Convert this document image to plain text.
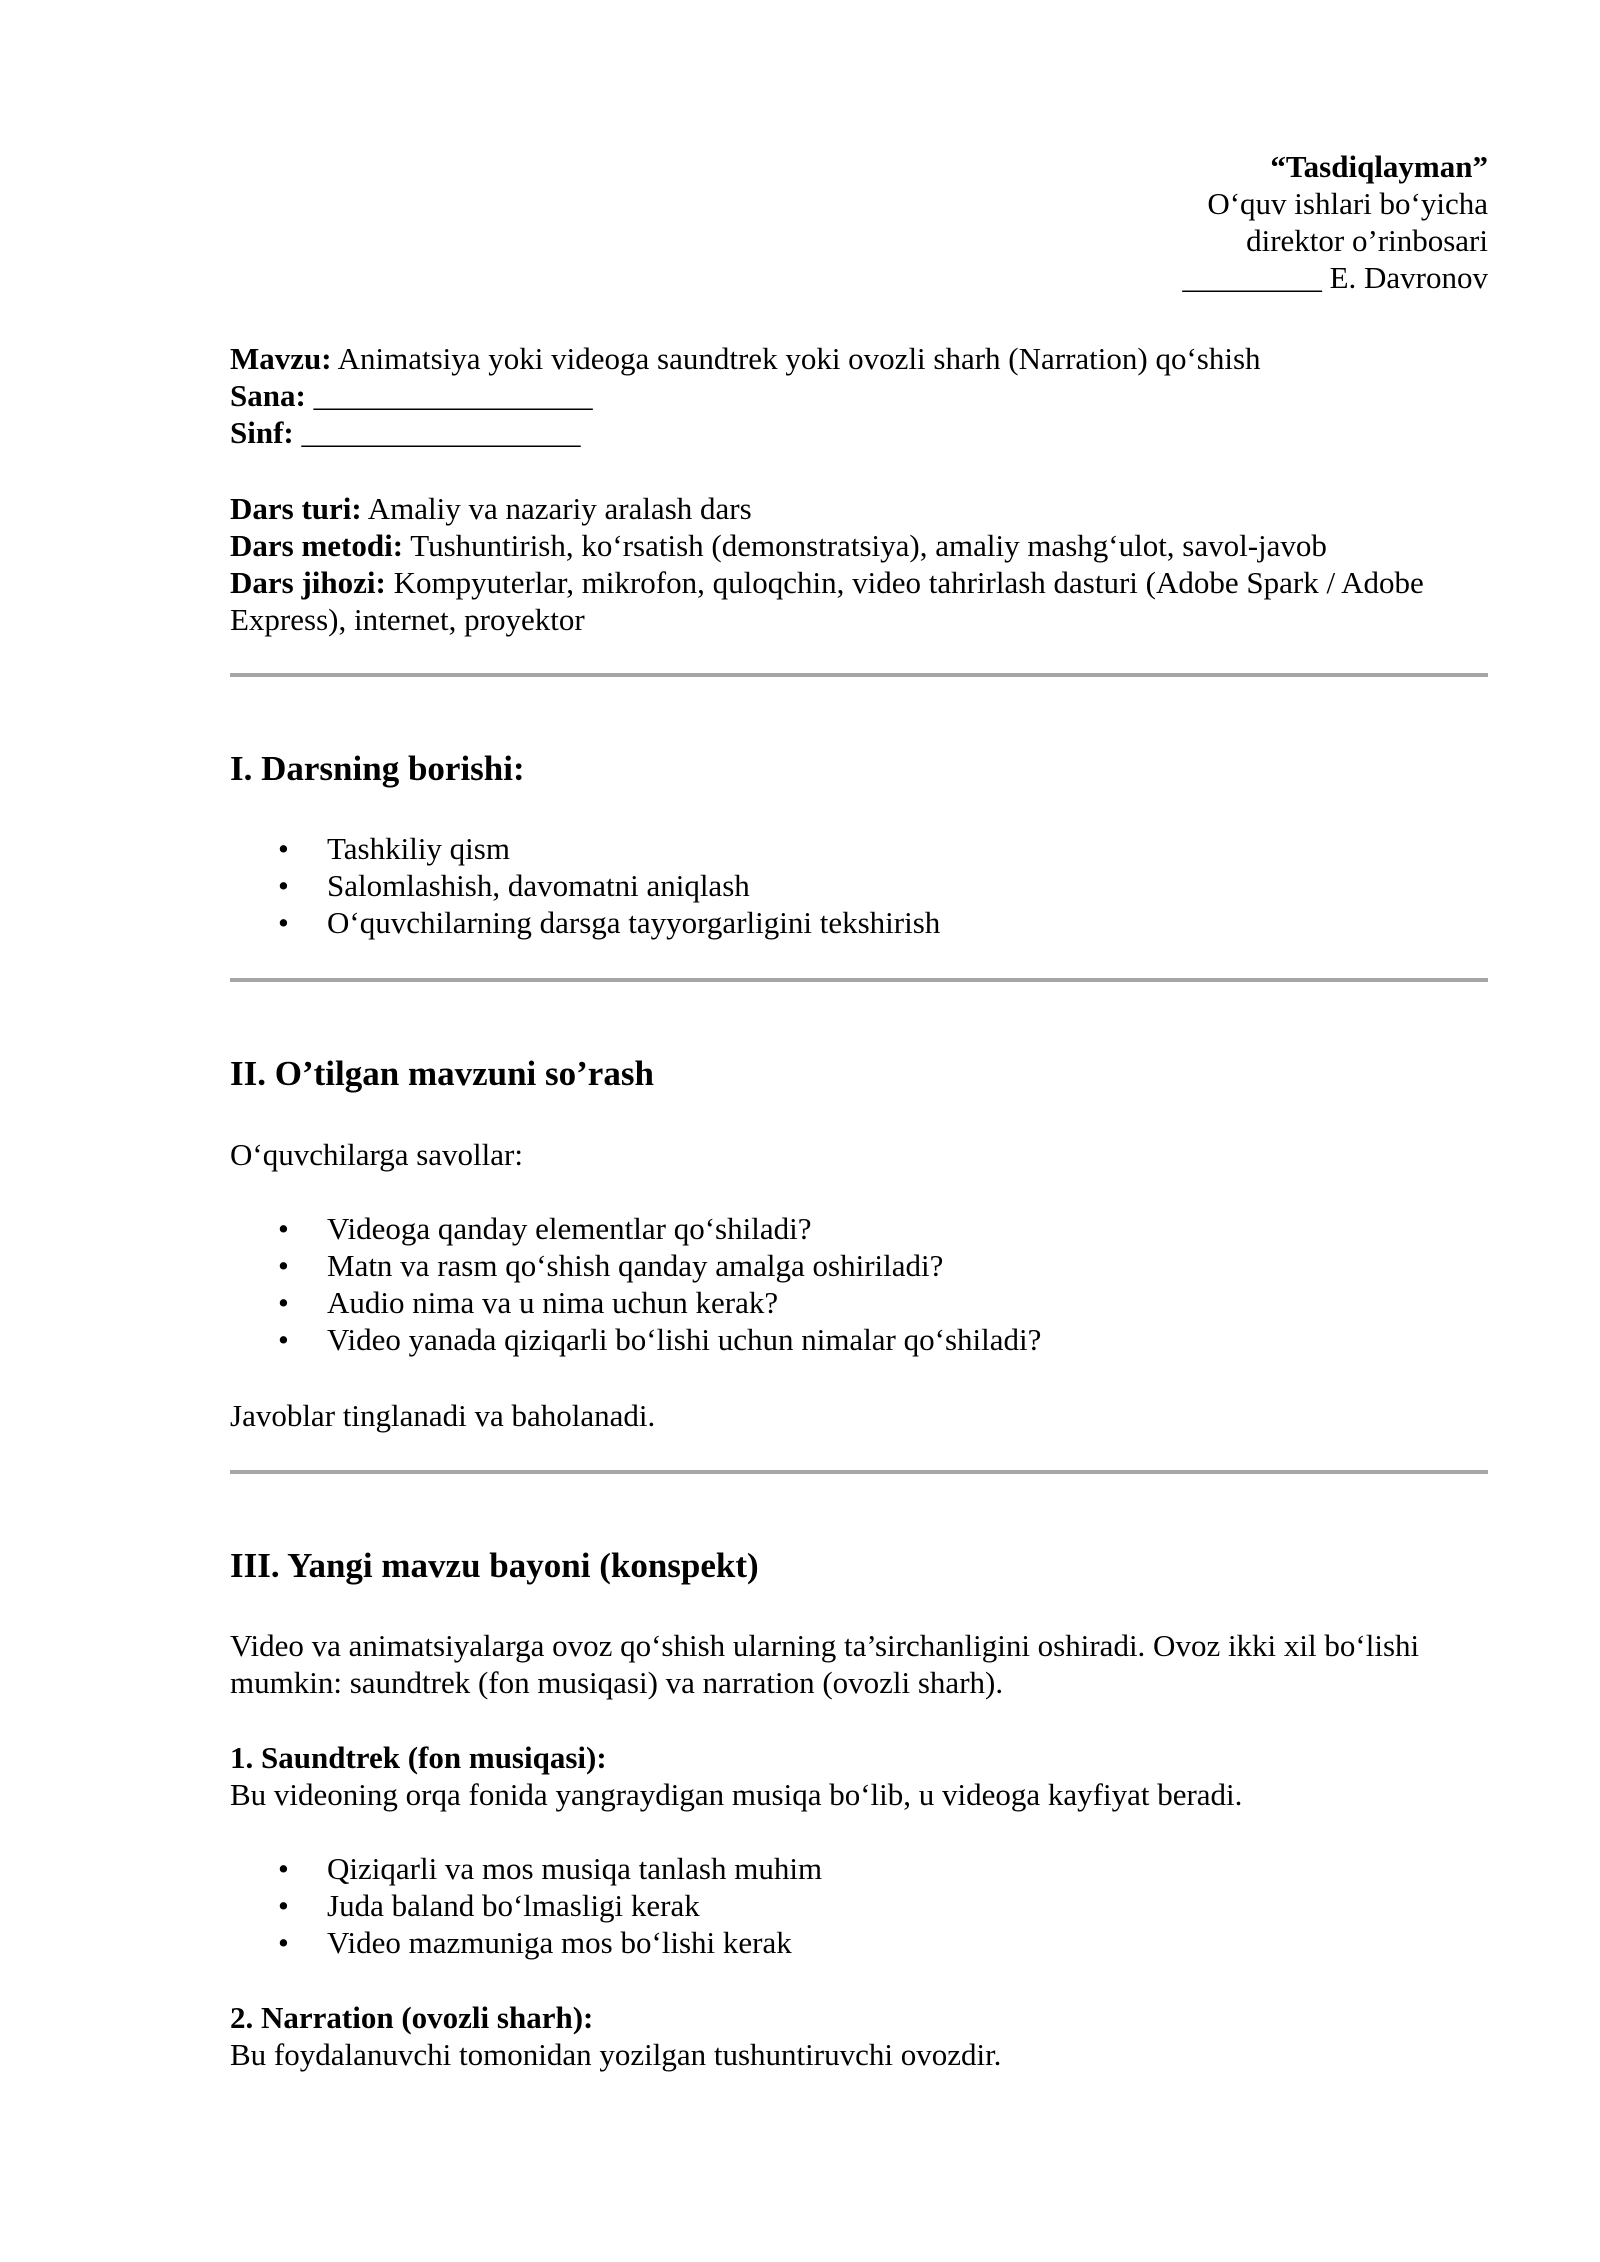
“Tasdiqlayman”
O‘quv ishlari bo‘yicha
direktor o’rinbosari
_________ E. Davronov

Mavzu: Animatsiya yoki videoga saundtrek yoki ovozli sharh (Narration) qo‘shish

Sana: __________________

Sinf: __________________

Dars turi: Amaliy va nazariy aralash dars

Dars metodi: Tushuntirish, ko‘rsatish (demonstratsiya), amaliy mashg‘ulot, savol-javob

Dars jihozi: Kompyuterlar, mikrofon, quloqchin, video tahrirlash dasturi (Adobe Spark / Adobe

Express), internet, proyektor

I. Darsning borishi:
• Tashkiliy qism
• Salomlashish, davomatni aniqlash
• O‘quvchilarning darsga tayyorgarligini tekshirish
II. O’tilgan mavzuni so’rash

O‘quvchilarga savollar:

• Videoga qanday elementlar qo‘shiladi?
• Matn va rasm qo‘shish qanday amalga oshiriladi?
• Audio nima va u nima uchun kerak?
• Video yanada qiziqarli bo‘lishi uchun nimalar qo‘shiladi?

Javoblar tinglanadi va baholanadi.

III. Yangi mavzu bayoni (konspekt)

Video va animatsiyalarga ovoz qo‘shish ularning ta’sirchanligini oshiradi. Ovoz ikki xil bo‘lishi

mumkin: saundtrek (fon musiqasi) va narration (ovozli sharh).

1. Saundtrek (fon musiqasi):

Bu videoning orqa fonida yangraydigan musiqa bo‘lib, u videoga kayfiyat beradi.

• Qiziqarli va mos musiqa tanlash muhim
• Juda baland bo‘lmasligi kerak
• Video mazmuniga mos bo‘lishi kerak

2. Narration (ovozli sharh):

Bu foydalanuvchi tomonidan yozilgan tushuntiruvchi ovozdir.
